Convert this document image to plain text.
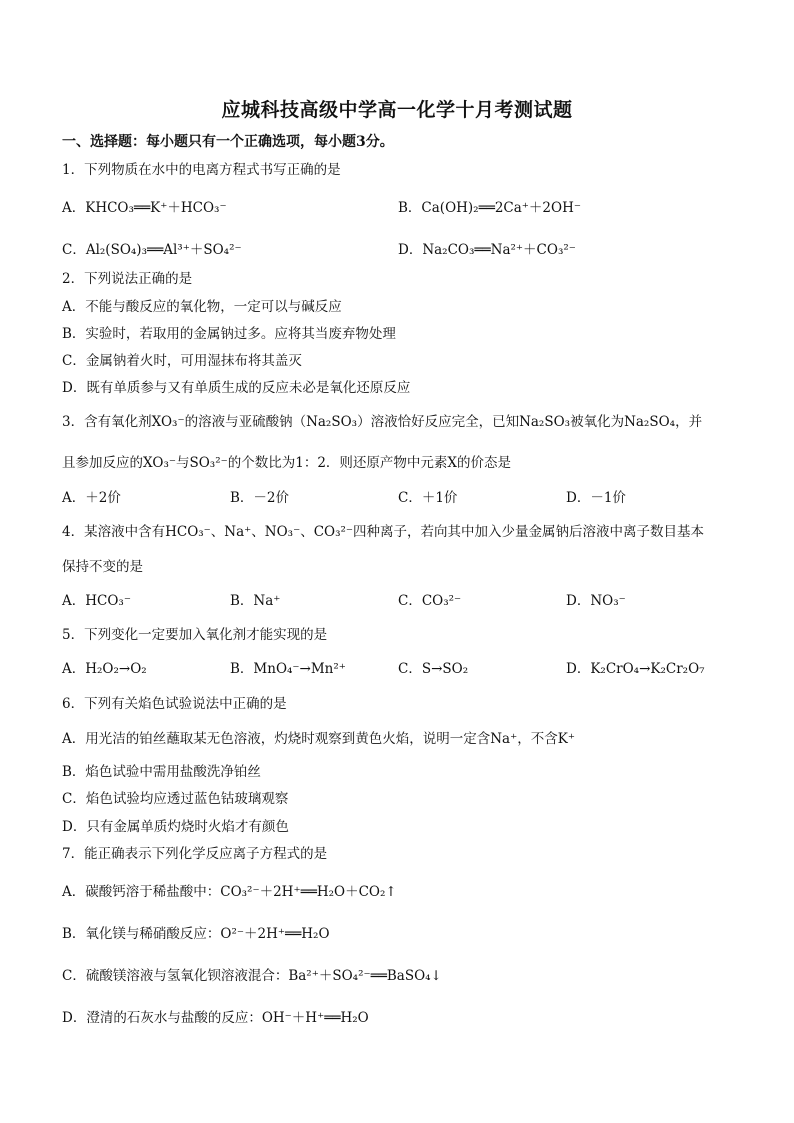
应城科技高级中学高一化学十月考测试题
一、选择题：每小题只有一个正确选项，每小题3分。
1．下列物质在水中的电离方程式书写正确的是
A．KHCO₃══K⁺＋HCO₃⁻	B．Ca(OH)₂══2Ca⁺＋2OH⁻
C．Al₂(SO₄)₃══Al³⁺＋SO₄²⁻	D．Na₂CO₃══Na²⁺＋CO₃²⁻
2．下列说法正确的是
A．不能与酸反应的氧化物，一定可以与碱反应
B．实验时，若取用的金属钠过多。应将其当废弃物处理
C．金属钠着火时，可用湿抹布将其盖灭
D．既有单质参与又有单质生成的反应未必是氧化还原反应
3．含有氧化剂XO₃⁻的溶液与亚硫酸钠（Na₂SO₃）溶液恰好反应完全，已知Na₂SO₃被氧化为Na₂SO₄，并
且参加反应的XO₃⁻与SO₃²⁻的个数比为1：2．则还原产物中元素X的价态是
A．＋2价	B．－2价	C．＋1价	D．－1价
4．某溶液中含有HCO₃⁻、Na⁺、NO₃⁻、CO₃²⁻四种离子，若向其中加入少量金属钠后溶液中离子数目基本
保持不变的是
A．HCO₃⁻	B．Na⁺	C．CO₃²⁻	D．NO₃⁻
5．下列变化一定要加入氧化剂才能实现的是
A．H₂O₂→O₂	B．MnO₄⁻→Mn²⁺	C．S→SO₂	D．K₂CrO₄→K₂Cr₂O₇
6．下列有关焰色试验说法中正确的是
A．用光洁的铂丝蘸取某无色溶液，灼烧时观察到黄色火焰，说明一定含Na⁺，不含K⁺
B．焰色试验中需用盐酸洗净铂丝
C．焰色试验均应透过蓝色钴玻璃观察
D．只有金属单质灼烧时火焰才有颜色
7．能正确表示下列化学反应离子方程式的是
A．碳酸钙溶于稀盐酸中：CO₃²⁻＋2H⁺══H₂O＋CO₂↑
B．氧化镁与稀硝酸反应：O²⁻＋2H⁺══H₂O
C．硫酸镁溶液与氢氧化钡溶液混合：Ba²⁺＋SO₄²⁻══BaSO₄↓
D．澄清的石灰水与盐酸的反应：OH⁻＋H⁺══H₂O
